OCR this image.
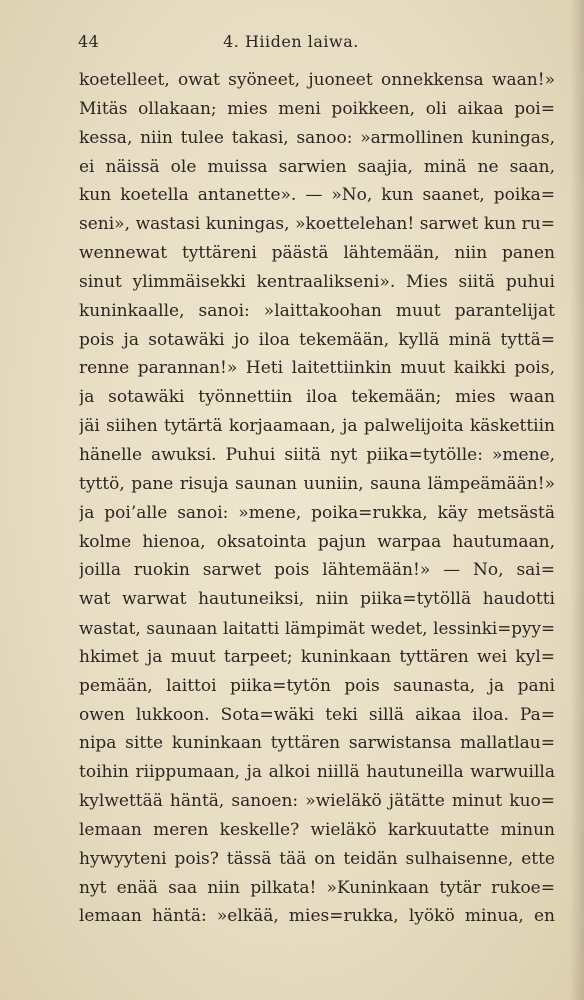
44	4. Hiiden laiwa.
koetelleet, owat syöneet, juoneet onnekkensa waan!»
Mitäs ollakaan; mies meni poikkeen, oli aikaa poi=
kessa, niin tulee takasi, sanoo: »armollinen kuningas,
ei näissä ole muissa sarwien saajia, minä ne saan,
kun koetella antanette». — »No, kun saanet, poika=
seni», wastasi kuningas, »koettelehan! sarwet kun ru=
wennewat tyttäreni päästä lähtemään, niin panen
sinut ylimmäisekki kentraalikseni». Mies siitä puhui
kuninkaalle, sanoi: »laittakoohan muut parantelijat
pois ja sotawäki jo iloa tekemään, kyllä minä tyttä=
renne parannan!» Heti laitettiinkin muut kaikki pois,
ja sotawäki työnnettiin iloa tekemään; mies waan
jäi siihen tytärtä korjaamaan, ja palwelijoita käskettiin
hänelle awuksi. Puhui siitä nyt piika=tytölle: »mene,
tyttö, pane risuja saunan uuniin, sauna lämpeämään!»
ja poi’alle sanoi: »mene, poika=rukka, käy metsästä
kolme hienoa, oksatointa pajun warpaa hautumaan,
joilla ruokin sarwet pois lähtemään!» — No, sai=
wat warwat hautuneiksi, niin piika=tytöllä haudotti
wastat, saunaan laitatti lämpimät wedet, lessinki=pyy=
hkimet ja muut tarpeet; kuninkaan tyttären wei kyl=
pemään, laittoi piika=tytön pois saunasta, ja pani
owen lukkoon. Sota=wäki teki sillä aikaa iloa. Pa=
nipa sitte kuninkaan tyttären sarwistansa mallatlau=
toihin riippumaan, ja alkoi niillä hautuneilla warwuilla
kylwettää häntä, sanoen: »wieläkö jätätte minut kuo=
lemaan meren keskelle? wieläkö karkuutatte minun
hywyyteni pois? tässä tää on teidän sulhaisenne, ette
nyt enää saa niin pilkata! »Kuninkaan tytär rukoe=
lemaan häntä: »elkää, mies=rukka, lyökö minua, en
